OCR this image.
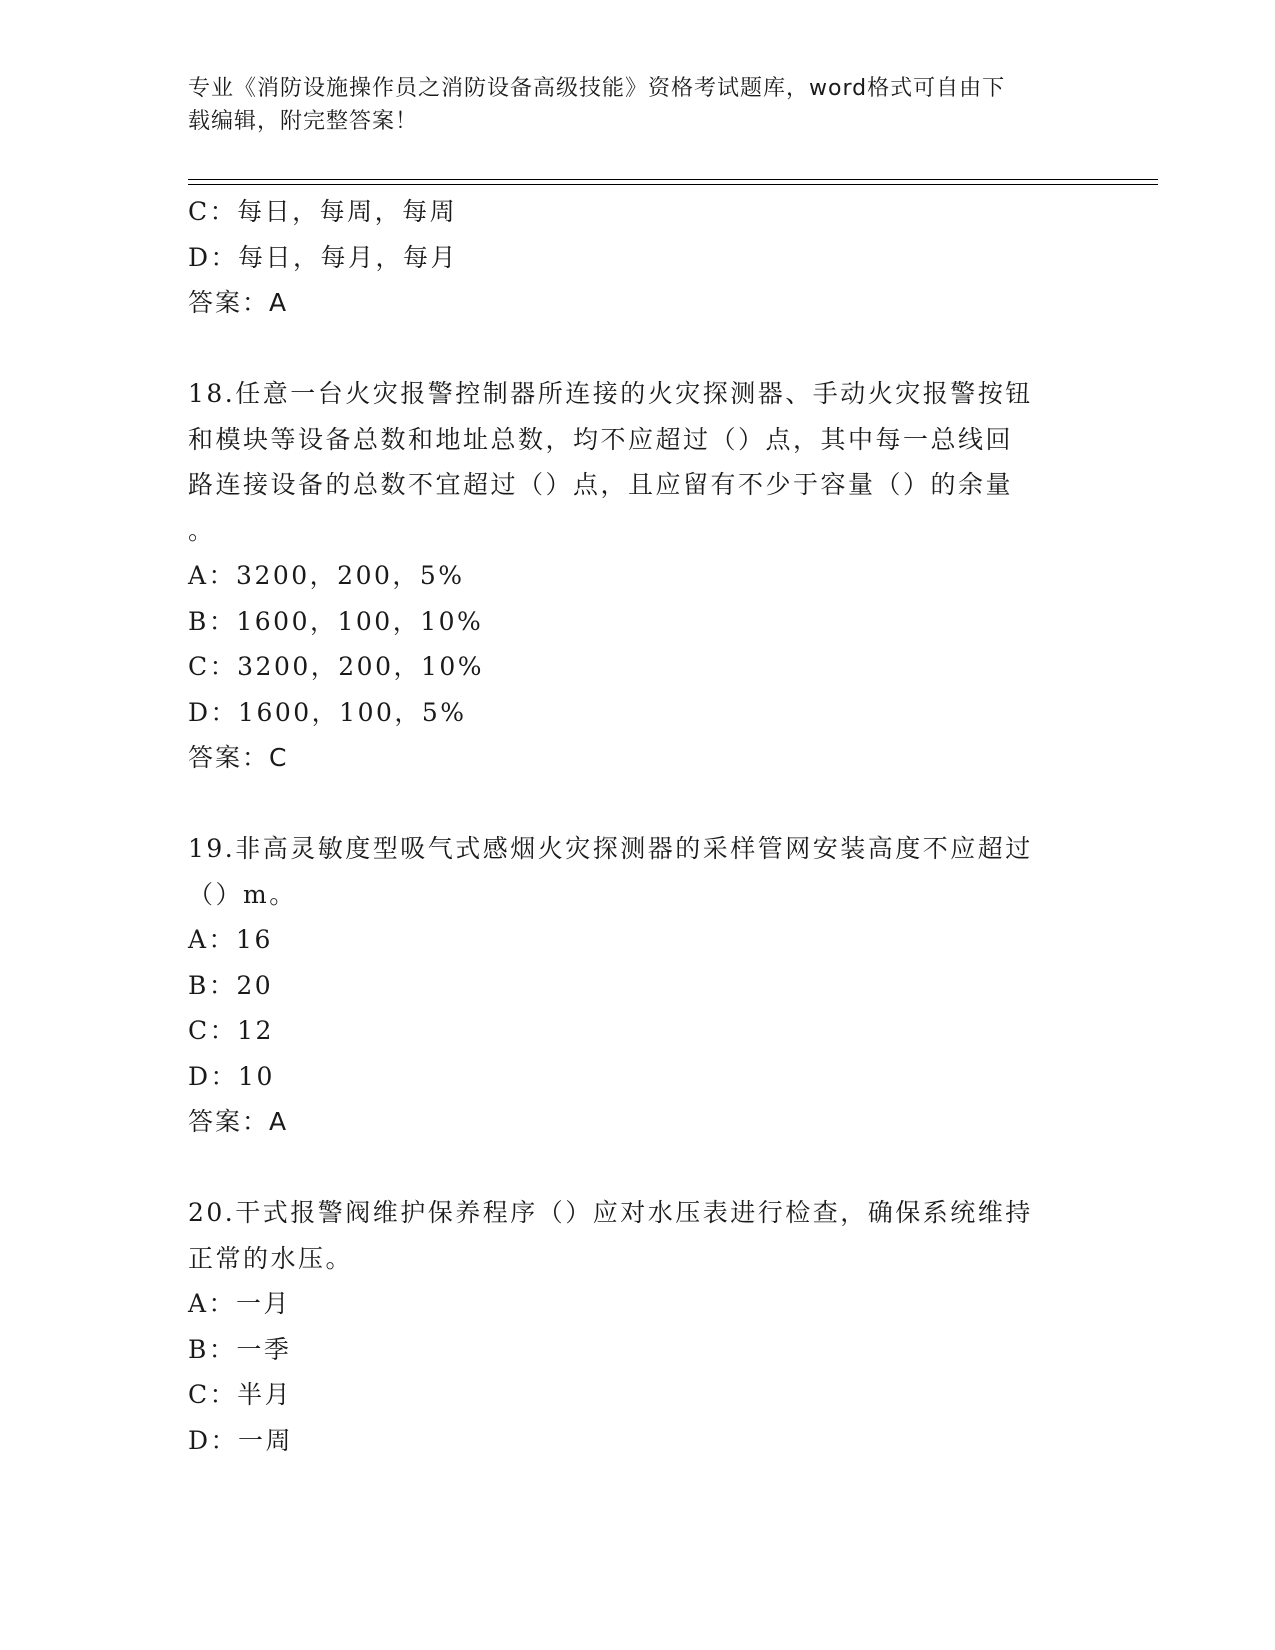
专业《消防设施操作员之消防设备高级技能》资格考试题库，word格式可自由下
载编辑，附完整答案！
C：每日，每周，每周
D：每日，每月，每月
答案：A
18.任意一台火灾报警控制器所连接的火灾探测器、手动火灾报警按钮
和模块等设备总数和地址总数，均不应超过（）点，其中每一总线回
路连接设备的总数不宜超过（）点，且应留有不少于容量（）的余量
。
A：3200，200，5%
B：1600，100，10%
C：3200，200，10%
D：1600，100，5%
答案：C
19.非高灵敏度型吸气式感烟火灾探测器的采样管网安装高度不应超过
（）m。
A：16
B：20
C：12
D：10
答案：A
20.干式报警阀维护保养程序（）应对水压表进行检查，确保系统维持
正常的水压。
A：一月
B：一季
C：半月
D：一周
